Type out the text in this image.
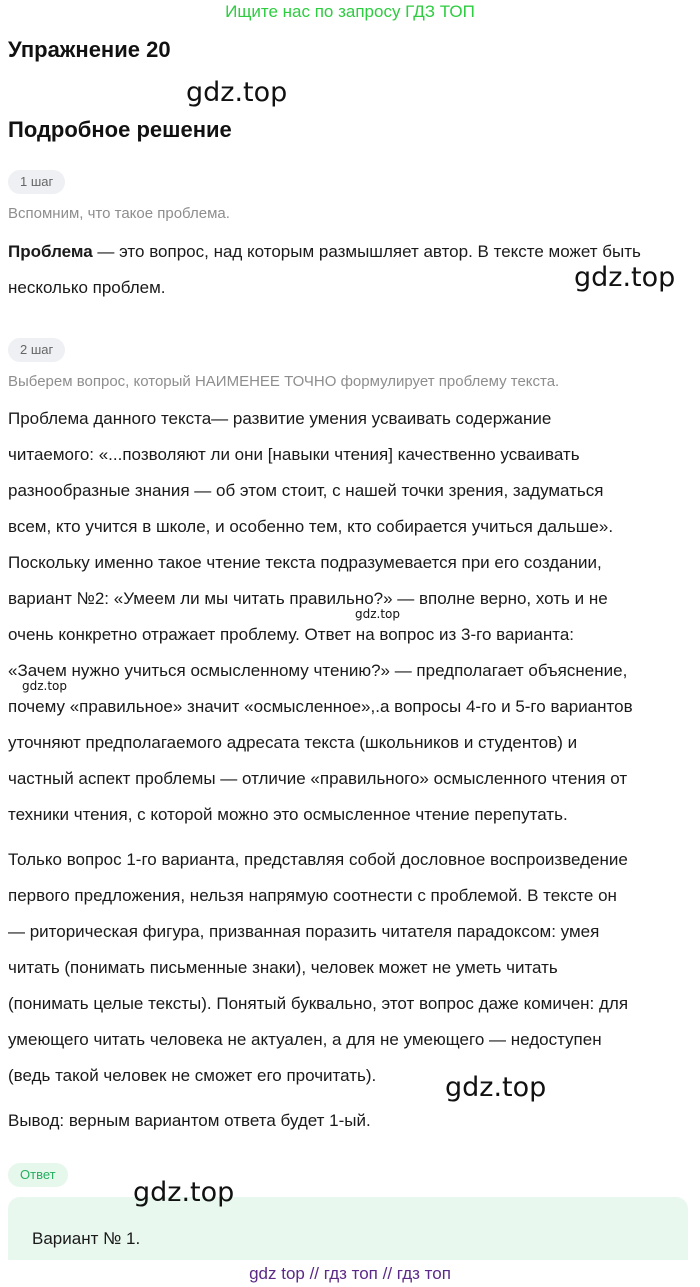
Ищите нас по запросу ГДЗ ТОП
Упражнение 20
gdz.top
Подробное решение
1 шаг
Вспомним, что такое проблема.
Проблема — это вопрос, над которым размышляет автор. В тексте может быть
несколько проблем.	gdz.top
2 шаг
Выберем вопрос, который НАИМЕНЕЕ ТОЧНО формулирует проблему текста.
Проблема данного текста— развитие умения усваивать содержание
читаемого: «...позволяют ли они [навыки чтения] качественно усваивать
разнообразные знания — об этом стоит, с нашей точки зрения, задуматься
всем, кто учится в школе, и особенно тем, кто собирается учиться дальше».
Поскольку именно такое чтение текста подразумевается при его создании,
вариант №2: «Умеем ли мы читать правильно?» — вполне верно, хоть и не
очень конкретно отражает проблему. Ответ на вопрос из 3-го варианта:
«Зачем нужно учиться осмысленному чтению?» — предполагает объяснение,
почему «правильное» значит «осмысленное»,.а вопросы 4-го и 5-го вариантов
уточняют предполагаемого адресата текста (школьников и студентов) и
частный аспект проблемы — отличие «правильного» осмысленного чтения от
техники чтения, с которой можно это осмысленное чтение перепутать.
gdz.top
gdz.top
Только вопрос 1-го варианта, представляя собой дословное воспроизведение
первого предложения, нельзя напрямую соотнести с проблемой. В тексте он
— риторическая фигура, призванная поразить читателя парадоксом: умея
читать (понимать письменные знаки), человек может не уметь читать
(понимать целые тексты). Понятый буквально, этот вопрос даже комичен: для
умеющего читать человека не актуален, а для не умеющего — недоступен
(ведь такой человек не сможет его прочитать).	gdz.top
Вывод: верным вариантом ответа будет 1-ый.
Ответ
Вариант № 1.
gdz.top
gdz top // гдз топ // гдз топ
